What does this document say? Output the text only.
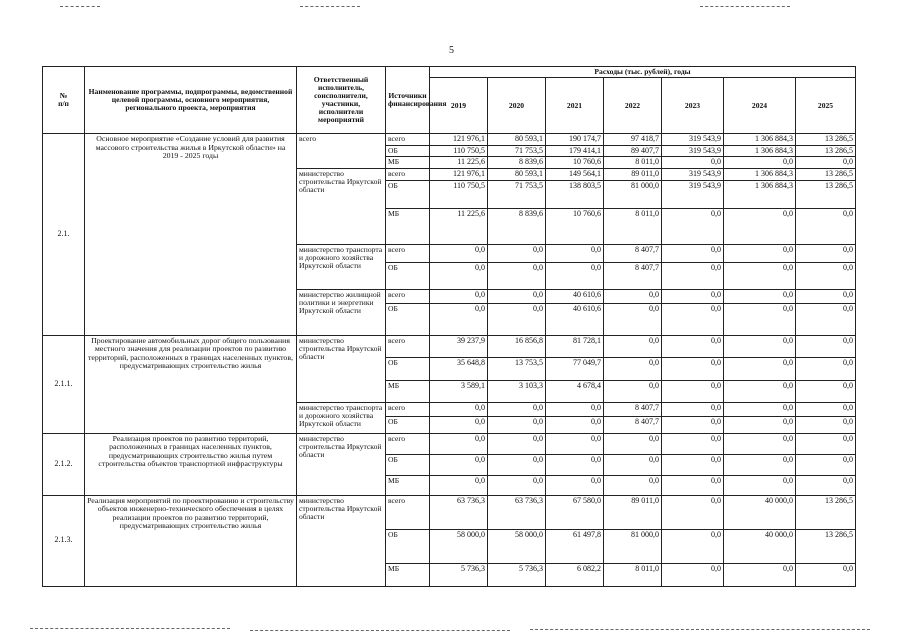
5
№
п/п	Наименование программы, подпрограммы, ведомственной целевой программы, основного мероприятия, регионального проекта, мероприятия	Ответственный исполнитель, соисполнители, участники, исполнители мероприятий	Источники финансирования	Расходы (тыс. рублей), годы						
				2019	2020	2021	2022	2023	2024	2025
2.1.	Основное мероприятие «Создание условий для развития массового строительства жилья в Иркутской области» на 2019 - 2025 годы	всего	всего	121 976,1	80 593,1	190 174,7	97 418,7	319 543,9	1 306 884,3	13 286,5
			ОБ	110 750,5	71 753,5	179 414,1	89 407,7	319 543,9	1 306 884,3	13 286,5
			МБ	11 225,6	8 839,6	10 760,6	8 011,0	0,0	0,0	0,0
		министерство строительства Иркутской области	всего	121 976,1	80 593,1	149 564,1	89 011,0	319 543,9	1 306 884,3	13 286,5
			ОБ	110 750,5	71 753,5	138 803,5	81 000,0	319 543,9	1 306 884,3	13 286,5
			МБ	11 225,6	8 839,6	10 760,6	8 011,0	0,0	0,0	0,0
		министерство транспорта и дорожного хозяйства Иркутской области	всего	0,0	0,0	0,0	8 407,7	0,0	0,0	0,0
			ОБ	0,0	0,0	0,0	8 407,7	0,0	0,0	0,0
		министерство жилищной политики и энергетики Иркутской области	всего	0,0	0,0	40 610,6	0,0	0,0	0,0	0,0
			ОБ	0,0	0,0	40 610,6	0,0	0,0	0,0	0,0
2.1.1.	Проектирование автомобильных дорог общего пользования местного значения для реализации проектов по развитию территорий, расположенных в границах населенных пунктов, предусматривающих строительство жилья	министерство строительства Иркутской области	всего	39 237,9	16 856,8	81 728,1	0,0	0,0	0,0	0,0
			ОБ	35 648,8	13 753,5	77 049,7	0,0	0,0	0,0	0,0
			МБ	3 589,1	3 103,3	4 678,4	0,0	0,0	0,0	0,0
		министерство транспорта и дорожного хозяйства Иркутской области	всего	0,0	0,0	0,0	8 407,7	0,0	0,0	0,0
			ОБ	0,0	0,0	0,0	8 407,7	0,0	0,0	0,0
2.1.2.	Реализация проектов по развитию территорий, расположенных в границах населенных пунктов, предусматривающих строительство жилья путем строительства объектов транспортной инфраструктуры	министерство строительства Иркутской области	всего	0,0	0,0	0,0	0,0	0,0	0,0	0,0
			ОБ	0,0	0,0	0,0	0,0	0,0	0,0	0,0
			МБ	0,0	0,0	0,0	0,0	0,0	0,0	0,0
2.1.3.	Реализация мероприятий по проектированию и строительству объектов инженерно-технического обеспечения в целях реализации проектов по развитию территорий, предусматривающих строительство жилья	министерство строительства Иркутской области	всего	63 736,3	63 736,3	67 580,0	89 011,0	0,0	40 000,0	13 286,5
			ОБ	58 000,0	58 000,0	61 497,8	81 000,0	0,0	40 000,0	13 286,5
			МБ	5 736,3	5 736,3	6 082,2	8 011,0	0,0	0,0	0,0
